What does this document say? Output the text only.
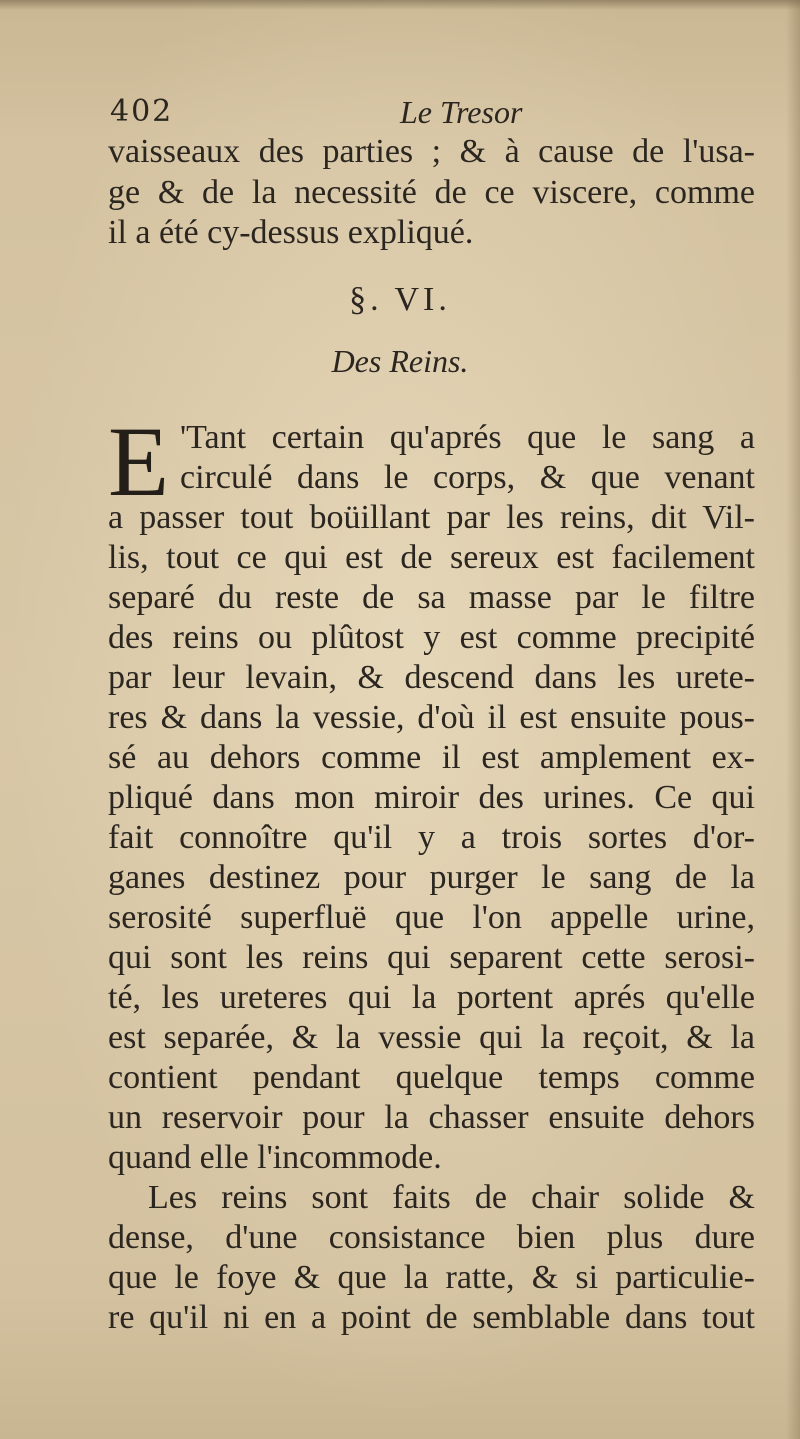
402	Le Tresor
vaisseaux des parties ; & à cause de l'usa-
ge & de la necessité de ce viscere, comme
il a été cy-dessus expliqué.
§. VI.
Des Reins.
E 'Tant certain qu'aprés que le sang a
circulé dans le corps, & que venant
a passer tout boüillant par les reins, dit Vil-
lis, tout ce qui est de sereux est facilement
separé du reste de sa masse par le filtre
des reins ou plûtost y est comme precipité
par leur levain, & descend dans les urete-
res & dans la vessie, d'où il est ensuite pous-
sé au dehors comme il est amplement ex-
pliqué dans mon miroir des urines. Ce qui
fait connoître qu'il y a trois sortes d'or-
ganes destinez pour purger le sang de la
serosité superfluë que l'on appelle urine,
qui sont les reins qui separent cette serosi-
té, les ureteres qui la portent aprés qu'elle
est separée, & la vessie qui la reçoit, & la
contient pendant quelque temps comme
un reservoir pour la chasser ensuite dehors
quand elle l'incommode.
Les reins sont faits de chair solide &
dense, d'une consistance bien plus dure
que le foye & que la ratte, & si particulie-
re qu'il ni en a point de semblable dans tout
